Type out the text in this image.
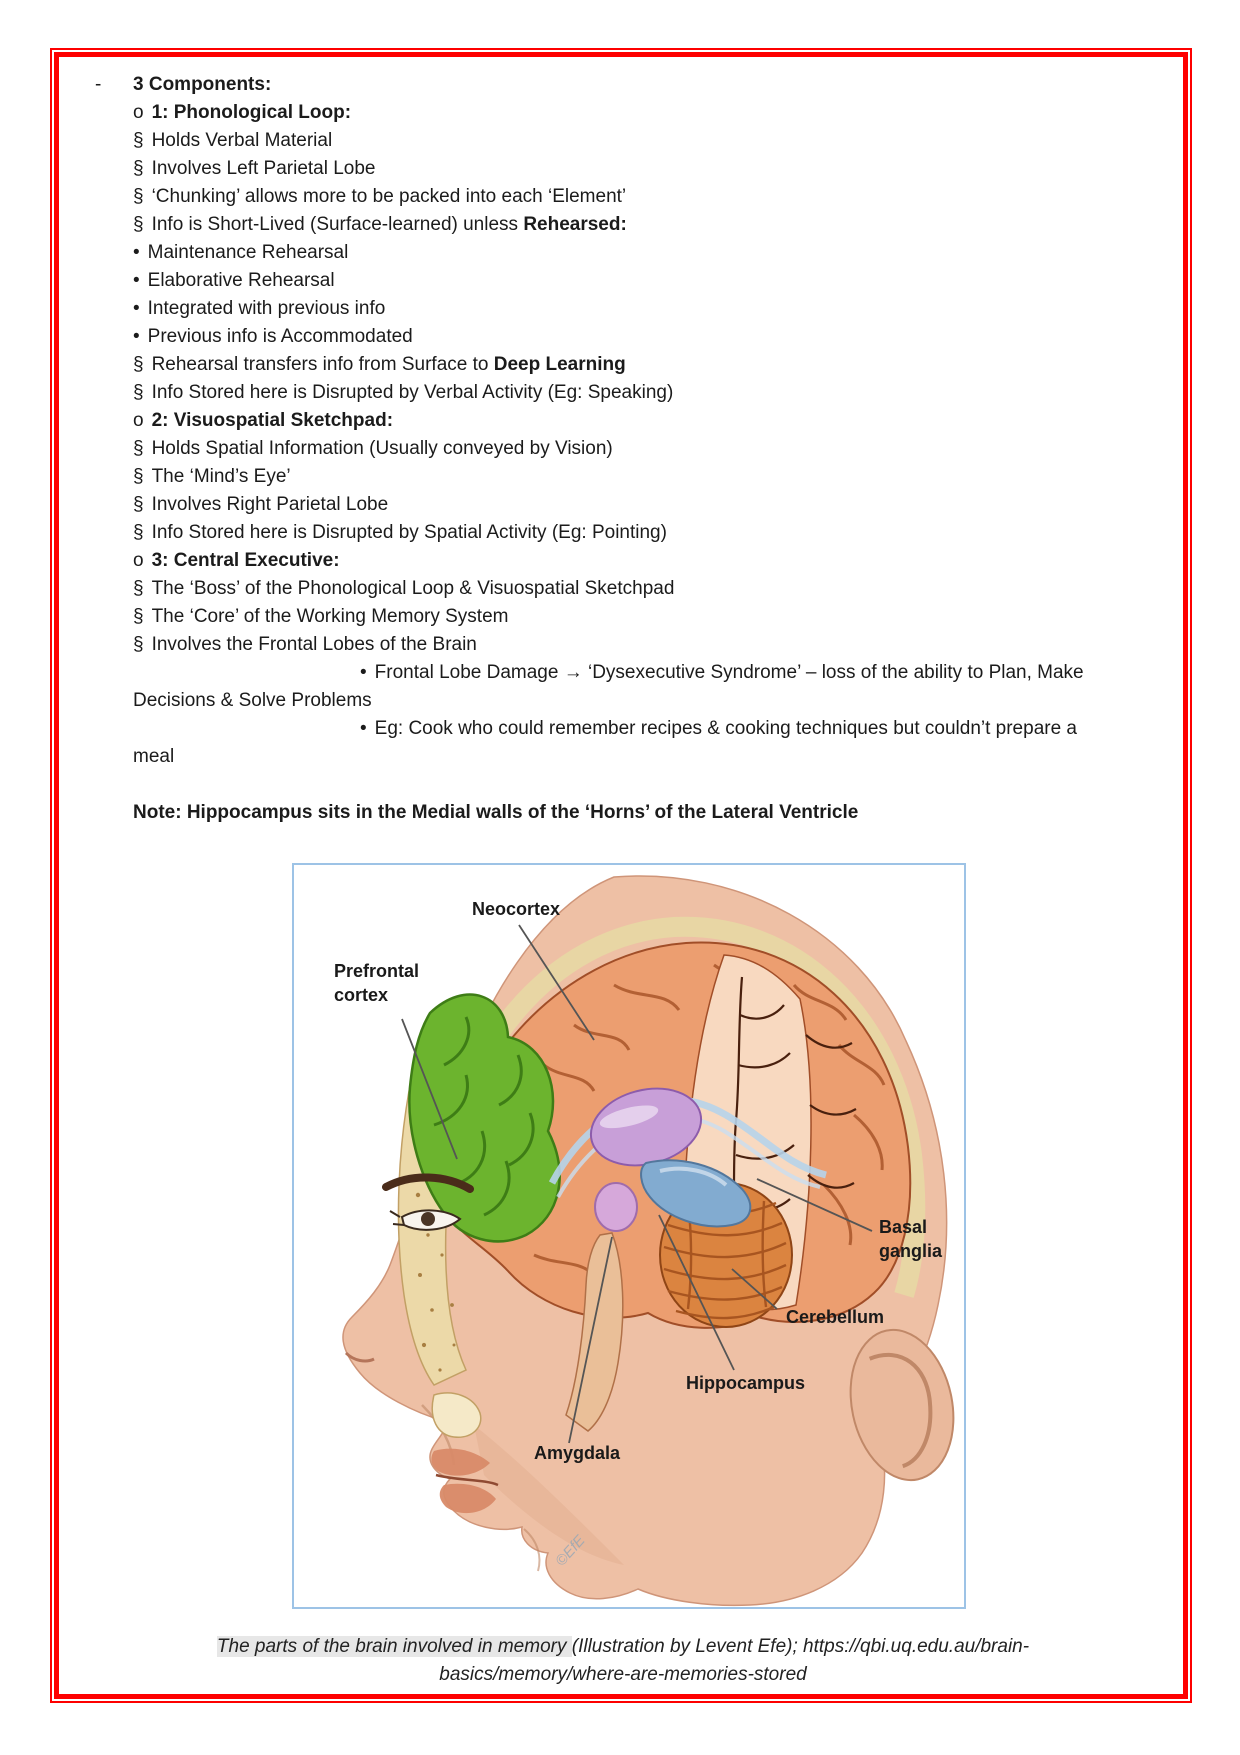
- 3 Components:
o 1: Phonological Loop:
§ Holds Verbal Material
§ Involves Left Parietal Lobe
§ ‘Chunking’ allows more to be packed into each ‘Element’
§ Info is Short-Lived (Surface-learned) unless Rehearsed:
• Maintenance Rehearsal
• Elaborative Rehearsal
• Integrated with previous info
• Previous info is Accommodated
§ Rehearsal transfers info from Surface to Deep Learning
§ Info Stored here is Disrupted by Verbal Activity (Eg: Speaking)
o 2: Visuospatial Sketchpad:
§ Holds Spatial Information (Usually conveyed by Vision)
§ The ‘Mind’s Eye’
§ Involves Right Parietal Lobe
§ Info Stored here is Disrupted by Spatial Activity (Eg: Pointing)
o 3: Central Executive:
§ The ‘Boss’ of the Phonological Loop & Visuospatial Sketchpad
§ The ‘Core’ of the Working Memory System
§ Involves the Frontal Lobes of the Brain
• Frontal Lobe Damage → ‘Dysexecutive Syndrome’ – loss of the ability to Plan, Make
Decisions & Solve Problems
• Eg: Cook who could remember recipes & cooking techniques but couldn’t prepare a
meal
Note: Hippocampus sits in the Medial walls of the ‘Horns’ of the Lateral Ventricle
Neocortex
Prefrontal
cortex
Basal
ganglia
Cerebellum
Hippocampus
Amygdala
©EfE
The parts of the brain involved in memory (Illustration by Levent Efe); https://qbi.uq.edu.au/brain-
basics/memory/where-are-memories-stored
